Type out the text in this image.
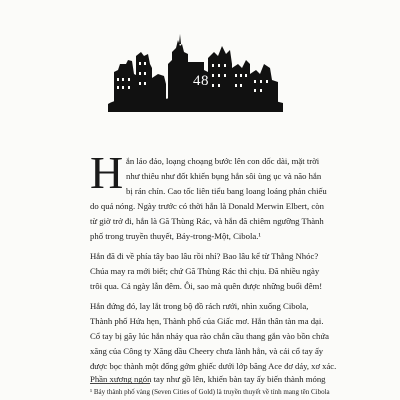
48
H ắn lảo đảo, loạng choạng bước lên con dốc dài, mặt trời
như thiêu như đốt khiến bụng hắn sôi ùng ục và não hắn
bị rán chín. Cao tốc liên tiểu bang loang loáng phản chiếu
do quá nóng. Ngày trước có thời hắn là Donald Merwin Elbert, còn
từ giờ trở đi, hắn là Gã Thùng Rác, và hắn đã chiêm ngưỡng Thành
phố trong truyền thuyết, Bảy-trong-Một, Cibola.¹
Hắn đã đi về phía tây bao lâu rồi nhỉ? Bao lâu kể từ Thằng Nhóc?
Chúa may ra mới biết; chứ Gã Thùng Rác thì chịu. Đã nhiều ngày
trôi qua. Cả ngày lẫn đêm. Ôi, sao mà quên được những buổi đêm!
Hắn đứng đó, lay lắt trong bộ đồ rách rưới, nhìn xuống Cibola,
Thành phố Hứa hẹn, Thành phố của Giấc mơ. Hắn thân tàn ma dại.
Cổ tay bị gãy lúc hắn nhảy qua rào chắn cầu thang gắn vào bồn chứa
xăng của Công ty Xăng dầu Cheery chưa lành hẳn, và cái cổ tay ấy
được bọc thành một đống gớm ghiếc dưới lớp băng Ace đơ dáy, xơ xác.
Phần xương ngón tay như gồ lên, khiến bàn tay ấy biến thành móng
¹ Bảy thành phố vàng (Seven Cities of Gold) là truyền thuyết về tỉnh mang tên Cibola
